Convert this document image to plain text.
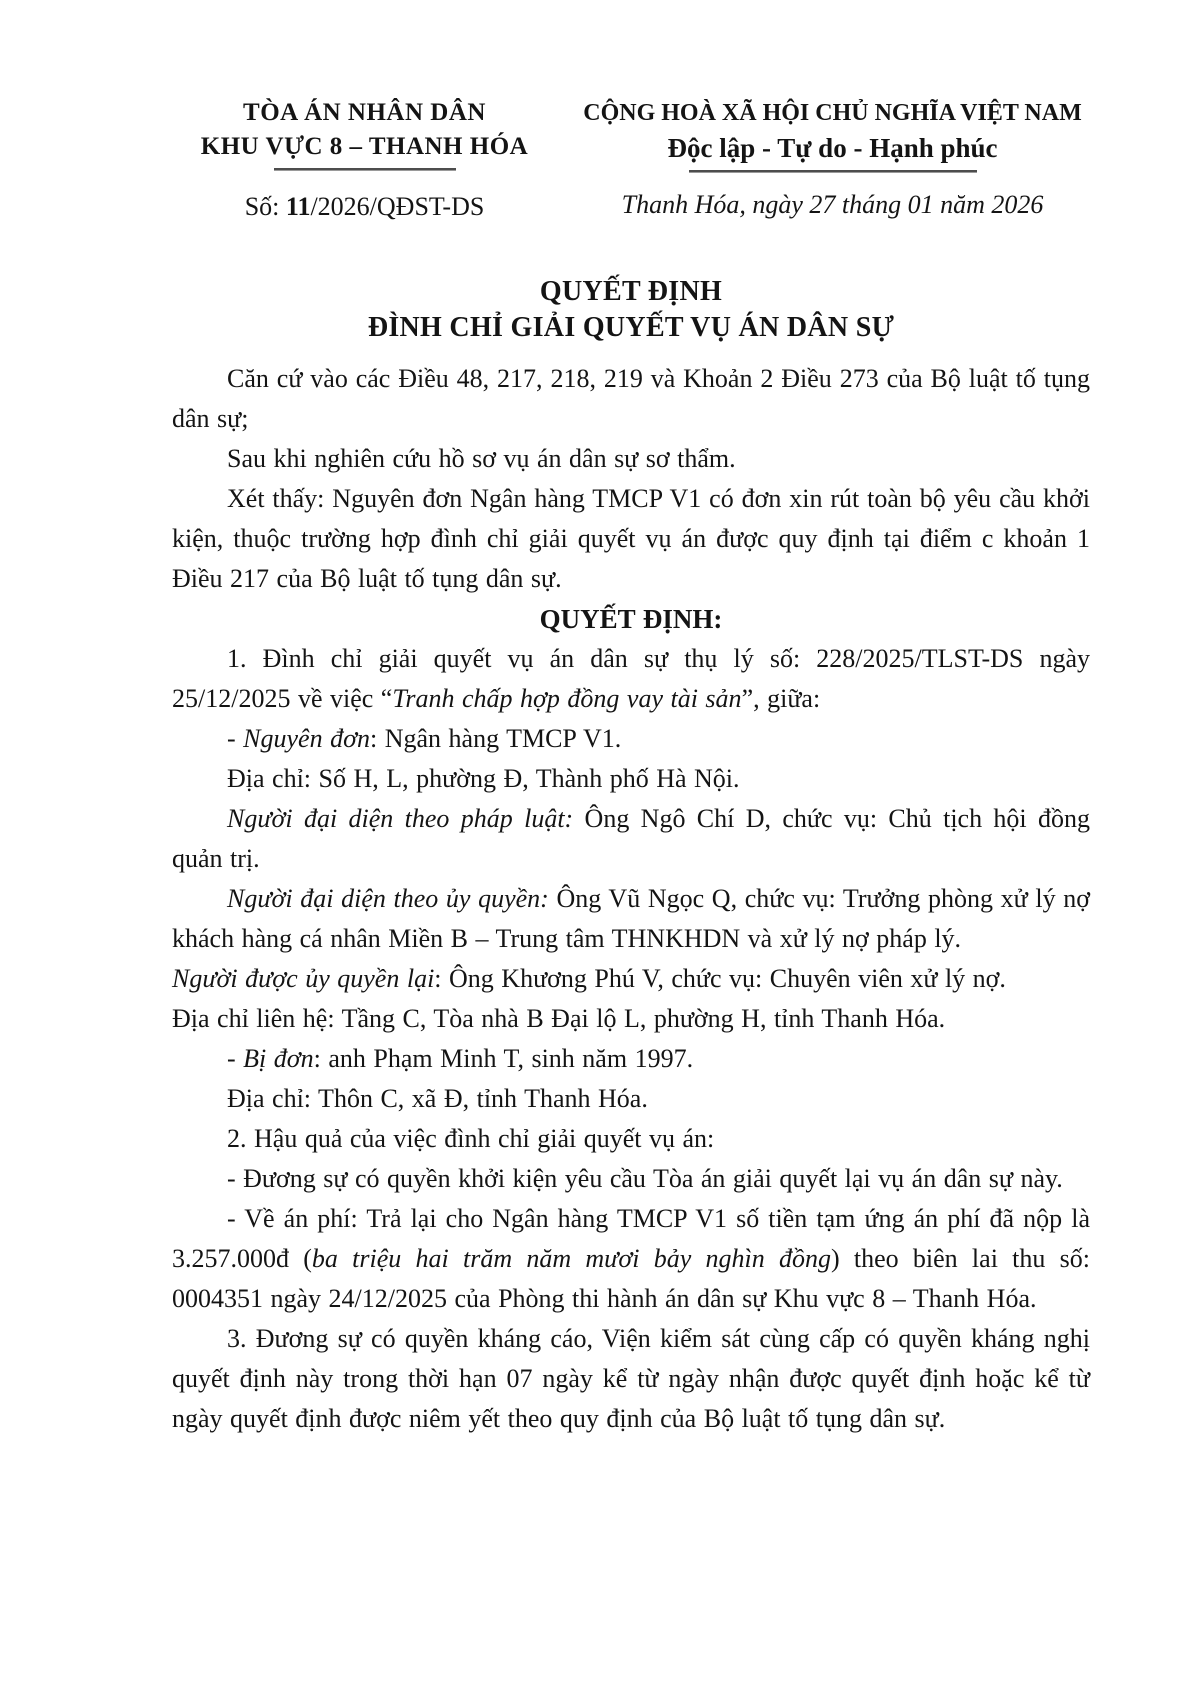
TÒA ÁN NHÂN DÂN
KHU VỰC 8 – THANH HÓA
Số: 11/2026/QĐST-DS
CỘNG HOÀ XÃ HỘI CHỦ NGHĨA VIỆT NAM
Độc lập - Tự do - Hạnh phúc
Thanh Hóa, ngày 27 tháng 01 năm 2026
QUYẾT ĐỊNH
ĐÌNH CHỈ GIẢI QUYẾT VỤ ÁN DÂN SỰ

Căn cứ vào các Điều 48, 217, 218, 219 và Khoản 2 Điều 273 của Bộ luật tố tụng dân sự;

Sau khi nghiên cứu hồ sơ vụ án dân sự sơ thẩm.

Xét thấy: Nguyên đơn Ngân hàng TMCP V1 có đơn xin rút toàn bộ yêu cầu khởi kiện, thuộc trường hợp đình chỉ giải quyết vụ án được quy định tại điểm c khoản 1 Điều 217 của Bộ luật tố tụng dân sự.

QUYẾT ĐỊNH:

1. Đình chỉ giải quyết vụ án dân sự thụ lý số: 228/2025/TLST-DS ngày 25/12/2025 về việc “Tranh chấp hợp đồng vay tài sản”, giữa:

- Nguyên đơn: Ngân hàng TMCP V1.

Địa chỉ: Số H, L, phường Đ, Thành phố Hà Nội.

Người đại diện theo pháp luật: Ông Ngô Chí D, chức vụ: Chủ tịch hội đồng quản trị.

Người đại diện theo ủy quyền: Ông Vũ Ngọc Q, chức vụ: Trưởng phòng xử lý nợ khách hàng cá nhân Miền B – Trung tâm THNKHDN và xử lý nợ pháp lý.

Người được ủy quyền lại: Ông Khương Phú V, chức vụ: Chuyên viên xử lý nợ.

Địa chỉ liên hệ: Tầng C, Tòa nhà B Đại lộ L, phường H, tỉnh Thanh Hóa.

- Bị đơn: anh Phạm Minh T, sinh năm 1997.

Địa chỉ: Thôn C, xã Đ, tỉnh Thanh Hóa.

2. Hậu quả của việc đình chỉ giải quyết vụ án:

- Đương sự có quyền khởi kiện yêu cầu Tòa án giải quyết lại vụ án dân sự này.

- Về án phí: Trả lại cho Ngân hàng TMCP V1 số tiền tạm ứng án phí đã nộp là 3.257.000đ (ba triệu hai trăm năm mươi bảy nghìn đồng) theo biên lai thu số: 0004351 ngày 24/12/2025 của Phòng thi hành án dân sự Khu vực 8 – Thanh Hóa.

3. Đương sự có quyền kháng cáo, Viện kiểm sát cùng cấp có quyền kháng nghị quyết định này trong thời hạn 07 ngày kể từ ngày nhận được quyết định hoặc kể từ ngày quyết định được niêm yết theo quy định của Bộ luật tố tụng dân sự.
